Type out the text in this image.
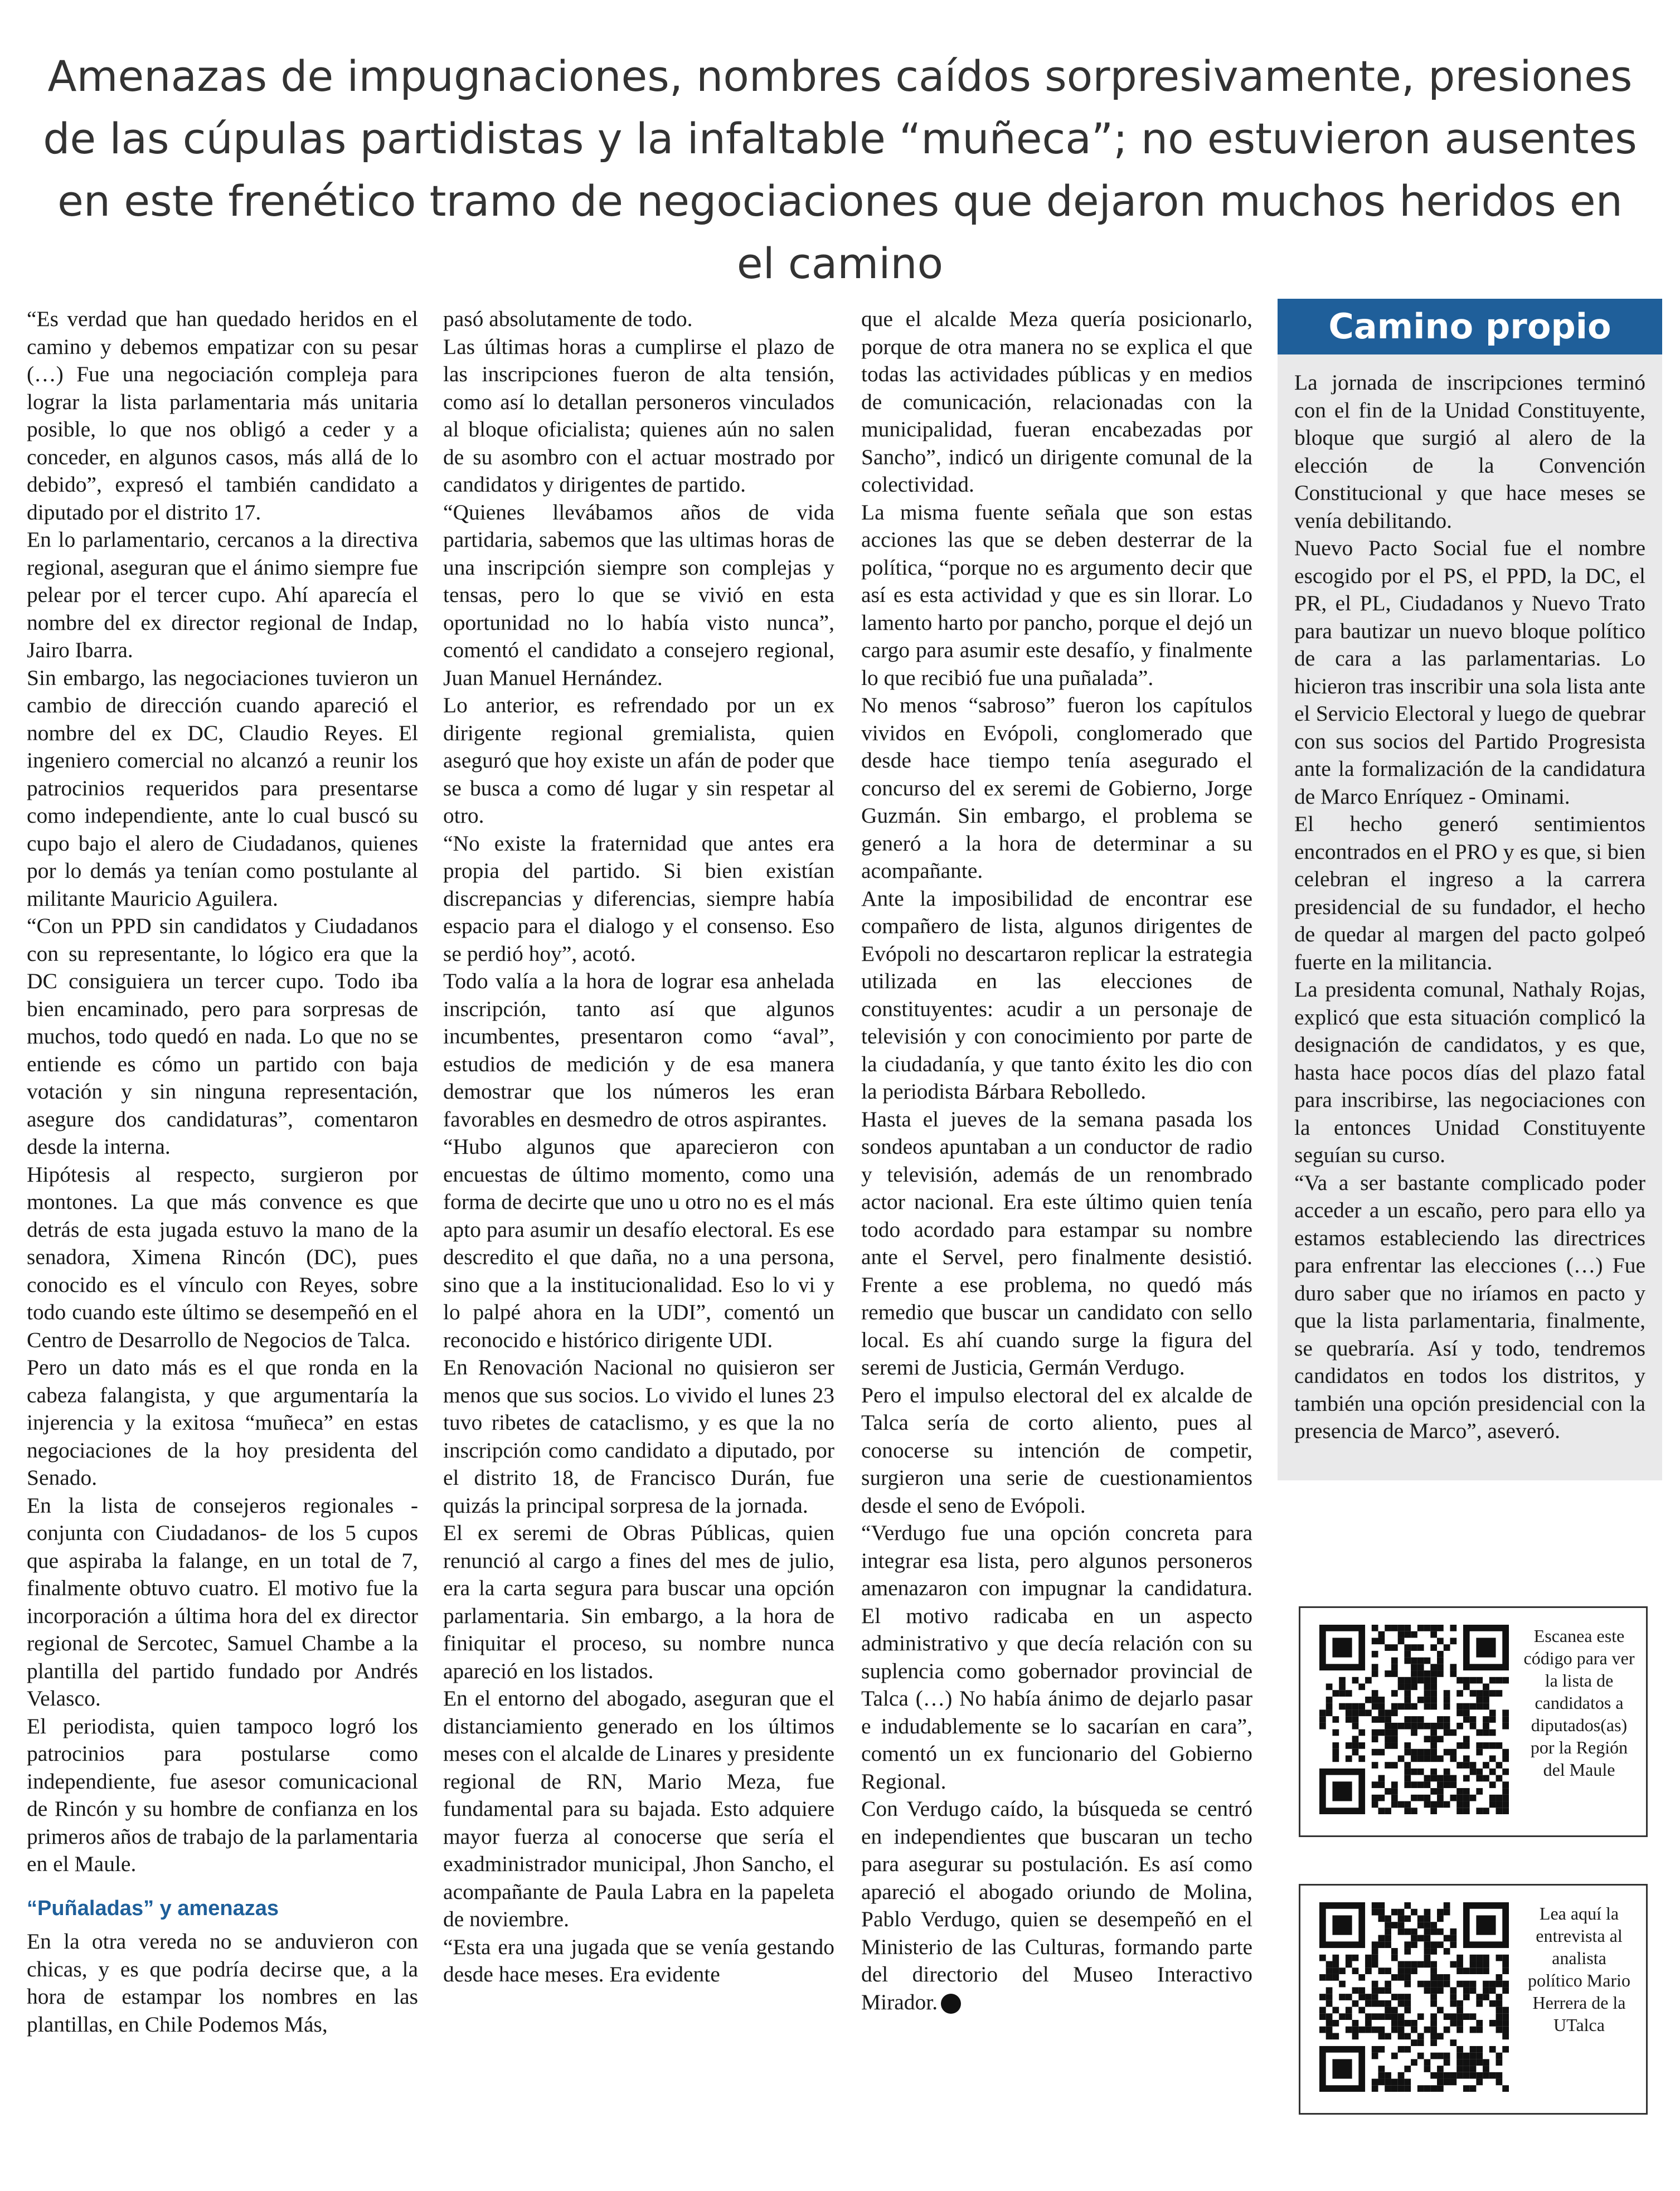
Amenazas de impugnaciones, nombres caídos sorpresivamente, presiones de las cúpulas partidistas y la infaltable “muñeca”; no estuvieron ausentes en este frenético tramo de negociaciones que dejaron muchos heridos en el camino

“Es verdad que han quedado heridos en el camino y debemos empatizar con su pesar (…) Fue una negociación compleja para lograr la lista parlamentaria más unitaria posible, lo que nos obligó a ceder y a conceder, en algunos casos, más allá de lo debido”, expresó el también candidato a diputado por el distrito 17.

En lo parlamentario, cercanos a la directiva regional, aseguran que el ánimo siempre fue pelear por el tercer cupo. Ahí aparecía el nombre del ex director regional de Indap, Jairo Ibarra.

Sin embargo, las negociaciones tuvieron un cambio de dirección cuando apareció el nombre del ex DC, Claudio Reyes. El ingeniero comercial no alcanzó a reunir los patrocinios requeridos para presentarse como independiente, ante lo cual buscó su cupo bajo el alero de Ciudadanos, quienes por lo demás ya tenían como postulante al militante Mauricio Aguilera.

“Con un PPD sin candidatos y Ciudadanos con su representante, lo lógico era que la DC consiguiera un tercer cupo. Todo iba bien encaminado, pero para sorpresas de muchos, todo quedó en nada. Lo que no se entiende es cómo un partido con baja votación y sin ninguna representación, asegure dos candidaturas”, comentaron desde la interna.

Hipótesis al respecto, surgieron por montones. La que más convence es que detrás de esta jugada estuvo la mano de la senadora, Ximena Rincón (DC), pues conocido es el vínculo con Reyes, sobre todo cuando este último se desempeñó en el Centro de Desarrollo de Negocios de Talca.

Pero un dato más es el que ronda en la cabeza falangista, y que argumentaría la injerencia y la exitosa “muñeca” en estas negociaciones de la hoy presidenta del Senado.

En la lista de consejeros regionales -conjunta con Ciudadanos- de los 5 cupos que aspiraba la falange, en un total de 7, finalmente obtuvo cuatro. El motivo fue la incorporación a última hora del ex director regional de Sercotec, Samuel Chambe a la plantilla del partido fundado por Andrés Velasco.

El periodista, quien tampoco logró los patrocinios para postularse como independiente, fue asesor comunicacional de Rincón y su hombre de confianza en los primeros años de trabajo de la parlamentaria en el Maule.

“Puñaladas” y amenazas

En la otra vereda no se anduvieron con chicas, y es que podría decirse que, a la hora de estampar los nombres en las plantillas, en Chile Podemos Más,

pasó absolutamente de todo.

Las últimas horas a cumplirse el plazo de las inscripciones fueron de alta tensión, como así lo detallan personeros vinculados al bloque oficialista; quienes aún no salen de su asombro con el actuar mostrado por candidatos y dirigentes de partido.

“Quienes llevábamos años de vida partidaria, sabemos que las ultimas horas de una inscripción siempre son complejas y tensas, pero lo que se vivió en esta oportunidad no lo había visto nunca”, comentó el candidato a consejero regional, Juan Manuel Hernández.

Lo anterior, es refrendado por un ex dirigente regional gremialista, quien aseguró que hoy existe un afán de poder que se busca a como dé lugar y sin respetar al otro.

“No existe la fraternidad que antes era propia del partido. Si bien existían discrepancias y diferencias, siempre había espacio para el dialogo y el consenso. Eso se perdió hoy”, acotó.

Todo valía a la hora de lograr esa anhelada inscripción, tanto así que algunos incumbentes, presentaron como “aval”, estudios de medición y de esa manera demostrar que los números les eran favorables en desmedro de otros aspirantes.

“Hubo algunos que aparecieron con encuestas de último momento, como una forma de decirte que uno u otro no es el más apto para asumir un desafío electoral. Es ese descredito el que daña, no a una persona, sino que a la institucionalidad. Eso lo vi y lo palpé ahora en la UDI”, comentó un reconocido e histórico dirigente UDI.

En Renovación Nacional no quisieron ser menos que sus socios. Lo vivido el lunes 23 tuvo ribetes de cataclismo, y es que la no inscripción como candidato a diputado, por el distrito 18, de Francisco Durán, fue quizás la principal sorpresa de la jornada.

El ex seremi de Obras Públicas, quien renunció al cargo a fines del mes de julio, era la carta segura para buscar una opción parlamentaria. Sin embargo, a la hora de finiquitar el proceso, su nombre nunca apareció en los listados.

En el entorno del abogado, aseguran que el distanciamiento generado en los últimos meses con el alcalde de Linares y presidente regional de RN, Mario Meza, fue fundamental para su bajada. Esto adquiere mayor fuerza al conocerse que sería el exadministrador municipal, Jhon Sancho, el acompañante de Paula Labra en la papeleta de noviembre.

“Esta era una jugada que se venía gestando desde hace meses. Era evidente

que el alcalde Meza quería posicionarlo, porque de otra manera no se explica el que todas las actividades públicas y en medios de comunicación, relacionadas con la municipalidad, fueran encabezadas por Sancho”, indicó un dirigente comunal de la colectividad.

La misma fuente señala que son estas acciones las que se deben desterrar de la política, “porque no es argumento decir que así es esta actividad y que es sin llorar. Lo lamento harto por pancho, porque el dejó un cargo para asumir este desafío, y finalmente lo que recibió fue una puñalada”.

No menos “sabroso” fueron los capítulos vividos en Evópoli, conglomerado que desde hace tiempo tenía asegurado el concurso del ex seremi de Gobierno, Jorge Guzmán. Sin embargo, el problema se generó a la hora de determinar a su acompañante.

Ante la imposibilidad de encontrar ese compañero de lista, algunos dirigentes de Evópoli no descartaron replicar la estrategia utilizada en las elecciones de constituyentes: acudir a un personaje de televisión y con conocimiento por parte de la ciudadanía, y que tanto éxito les dio con la periodista Bárbara Rebolledo.

Hasta el jueves de la semana pasada los sondeos apuntaban a un conductor de radio y televisión, además de un renombrado actor nacional. Era este último quien tenía todo acordado para estampar su nombre ante el Servel, pero finalmente desistió. Frente a ese problema, no quedó más remedio que buscar un candidato con sello local. Es ahí cuando surge la figura del seremi de Justicia, Germán Verdugo.

Pero el impulso electoral del ex alcalde de Talca sería de corto aliento, pues al conocerse su intención de competir, surgieron una serie de cuestionamientos desde el seno de Evópoli.

“Verdugo fue una opción concreta para integrar esa lista, pero algunos personeros amenazaron con impugnar la candidatura. El motivo radicaba en un aspecto administrativo y que decía relación con su suplencia como gobernador provincial de Talca (…) No había ánimo de dejarlo pasar e indudablemente se lo sacarían en cara”, comentó un ex funcionario del Gobierno Regional.

Con Verdugo caído, la búsqueda se centró en independientes que buscaran un techo para asegurar su postulación. Es así como apareció el abogado oriundo de Molina, Pablo Verdugo, quien se desempeñó en el Ministerio de las Culturas, formando parte del directorio del Museo Interactivo Mirador.

Camino propio

La jornada de inscripciones terminó con el fin de la Unidad Constituyente, bloque que surgió al alero de la elección de la Convención Constitucional y que hace meses se venía debilitando.

Nuevo Pacto Social fue el nombre escogido por el PS, el PPD, la DC, el PR, el PL, Ciudadanos y Nuevo Trato para bautizar un nuevo bloque político de cara a las parlamentarias. Lo hicieron tras inscribir una sola lista ante el Servicio Electoral y luego de quebrar con sus socios del Partido Progresista ante la formalización de la candidatura de Marco Enríquez - Ominami.

El hecho generó sentimientos encontrados en el PRO y es que, si bien celebran el ingreso a la carrera presidencial de su fundador, el hecho de quedar al margen del pacto golpeó fuerte en la militancia.

La presidenta comunal, Nathaly Rojas, explicó que esta situación complicó la designación de candidatos, y es que, hasta hace pocos días del plazo fatal para inscribirse, las negociaciones con la entonces Unidad Constituyente seguían su curso.

“Va a ser bastante complicado poder acceder a un escaño, pero para ello ya estamos estableciendo las directrices para enfrentar las elecciones (…) Fue duro saber que no iríamos en pacto y que la lista parlamentaria, finalmente, se quebraría. Así y todo, tendremos candidatos en todos los distritos, y también una opción presidencial con la presencia de Marco”, aseveró.

Escanea este código para ver la lista de candidatos a diputados(as) por la Región del Maule
Lea aquí la entrevista al analista político Mario Herrera de la UTalca
